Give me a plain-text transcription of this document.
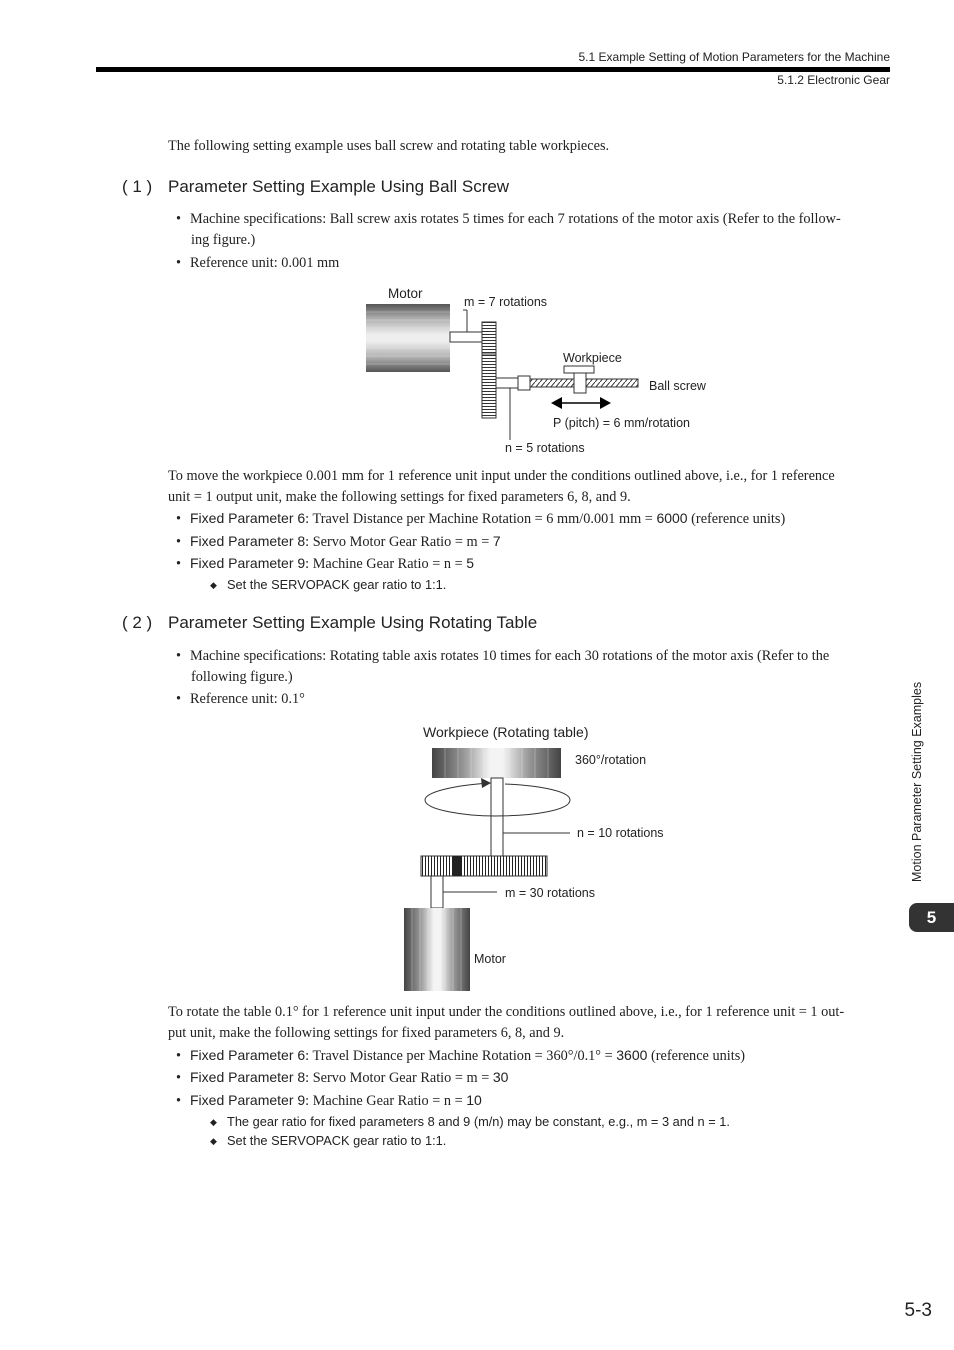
5.1 Example Setting of Motion Parameters for the Machine
5.1.2 Electronic Gear
The following setting example uses ball screw and rotating table workpieces.
( 1 ) Parameter Setting Example Using Ball Screw
• Machine specifications: Ball screw axis rotates 5 times for each 7 rotations of the motor axis (Refer to the follow-
ing figure.)
• Reference unit: 0.001 mm
Motor
m = 7 rotations
Workpiece
Ball screw
P (pitch) = 6 mm/rotation
n = 5 rotations
To move the workpiece 0.001 mm for 1 reference unit input under the conditions outlined above, i.e., for 1 reference
unit = 1 output unit, make the following settings for fixed parameters 6, 8, and 9.
• Fixed Parameter 6: Travel Distance per Machine Rotation = 6 mm/0.001 mm = 6000 (reference units)
• Fixed Parameter 8: Servo Motor Gear Ratio = m = 7
• Fixed Parameter 9: Machine Gear Ratio = n = 5
◆ Set the SERVOPACK gear ratio to 1:1.
( 2 ) Parameter Setting Example Using Rotating Table
• Machine specifications: Rotating table axis rotates 10 times for each 30 rotations of the motor axis (Refer to the
following figure.)
• Reference unit: 0.1°
Workpiece (Rotating table)
360°/rotation
n = 10 rotations
m = 30 rotations
Motor
To rotate the table 0.1° for 1 reference unit input under the conditions outlined above, i.e., for 1 reference unit = 1 out-
put unit, make the following settings for fixed parameters 6, 8, and 9.
• Fixed Parameter 6: Travel Distance per Machine Rotation = 360°/0.1° = 3600 (reference units)
• Fixed Parameter 8: Servo Motor Gear Ratio = m = 30
• Fixed Parameter 9: Machine Gear Ratio = n = 10
◆ The gear ratio for fixed parameters 8 and 9 (m/n) may be constant, e.g., m = 3 and n = 1.
◆ Set the SERVOPACK gear ratio to 1:1.
Motion Parameter Setting Examples
5
5-3
